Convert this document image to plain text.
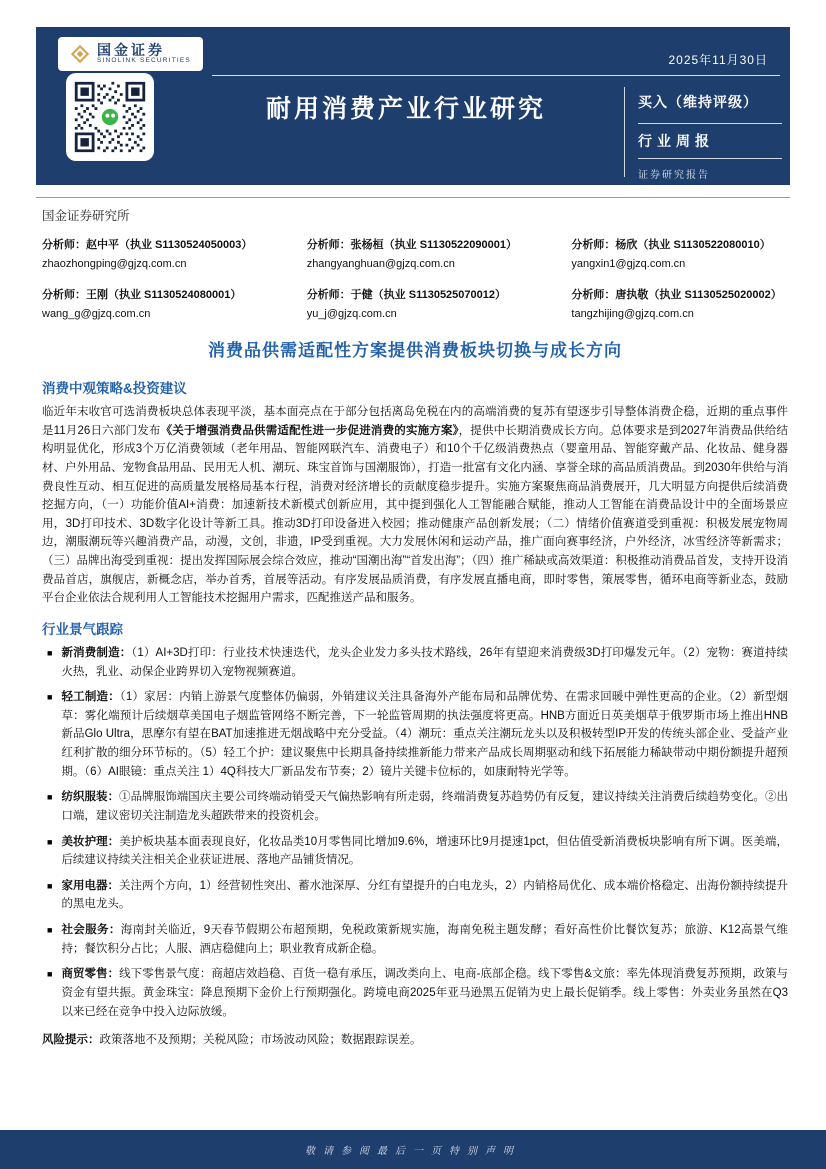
国金证券
SINOLINK SECURITIES	2025年11月30日
耐用消费产业行业研究	买入（维持评级）
行业周报
证券研究报告
国金证券研究所
分析师：赵中平（执业 S1130524050003）
zhaozhongping@gjzq.com.cn
分析师：张杨桓（执业 S1130522090001）
zhangyanghuan@gjzq.com.cn
分析师：杨欣（执业 S1130522080010）
yangxin1@gjzq.com.cn
分析师：王刚（执业 S1130524080001）
wang_g@gjzq.com.cn
分析师：于健（执业 S1130525070012）
yu_j@gjzq.com.cn
分析师：唐执敬（执业 S1130525020002）
tangzhijing@gjzq.com.cn
消费品供需适配性方案提供消费板块切换与成长方向
消费中观策略&投资建议

临近年末收官可选消费板块总体表现平淡，基本面亮点在于部分包括离岛免税在内的高端消费的复苏有望逐步引导整体消费企稳，近期的重点事件是11月26日六部门发布《关于增强消费品供需适配性进一步促进消费的实施方案》，提供中长期消费成长方向。总体要求是到2027年消费品供给结构明显优化，形成3个万亿消费领域（老年用品、智能网联汽车、消费电子）和10个千亿级消费热点（婴童用品、智能穿戴产品、化妆品、健身器材、户外用品、宠物食品用品、民用无人机、潮玩、珠宝首饰与国潮服饰），打造一批富有文化内涵、享誉全球的高品质消费品。到2030年供给与消费良性互动、相互促进的高质量发展格局基本行程，消费对经济增长的贡献度稳步提升。实施方案聚焦商品消费展开，几大明显方向提供后续消费挖掘方向，（一）功能价值AI+消费：加速新技术新模式创新应用，其中提到强化人工智能融合赋能，推动人工智能在消费品设计中的全面场景应用，3D打印技术、3D数字化设计等新工具。推动3D打印设备进入校园；推动健康产品创新发展；（二）情绪价值赛道受到重视：积极发展宠物周边，潮服潮玩等兴趣消费产品，动漫，文创，非遗，IP受到重视。大力发展休闲和运动产品，推广面向赛事经济，户外经济，冰雪经济等新需求；（三）品牌出海受到重视：提出发挥国际展会综合效应，推动“国潮出海”“首发出海”；（四）推广稀缺或高效渠道：积极推动消费品首发，支持开设消费品首店，旗舰店，新概念店，举办首秀，首展等活动。有序发展品质消费，有序发展直播电商，即时零售，策展零售，循环电商等新业态，鼓励平台企业依法合规利用人工智能技术挖掘用户需求，匹配推送产品和服务。

行业景气跟踪
■ 新消费制造：（1）AI+3D打印：行业技术快速迭代，龙头企业发力多头技术路线，26年有望迎来消费级3D打印爆发元年。（2）宠物：赛道持续火热，乳业、动保企业跨界切入宠物视频赛道。
■ 轻工制造：（1）家居：内销上游景气度整体仍偏弱，外销建议关注具备海外产能布局和品牌优势、在需求回暖中弹性更高的企业。（2）新型烟草：雾化端预计后续烟草美国电子烟监管网络不断完善，下一轮监管周期的执法强度将更高。HNB方面近日英美烟草于俄罗斯市场上推出HNB新品Glo Ultra，思摩尔有望在BAT加速推进无烟战略中充分受益。（4）潮玩：重点关注潮玩龙头以及积极转型IP开发的传统头部企业、受益产业红利扩散的细分环节标的。（5）轻工个护：建议聚焦中长期具备持续推新能力带来产品成长周期驱动和线下拓展能力稀缺带动中期份额提升超预期。（6）AI眼镜：重点关注 1）4Q科技大厂新品发布节奏；2）镜片关键卡位标的，如康耐特光学等。
■ 纺织服装：①品牌服饰端国庆主要公司终端动销受天气偏热影响有所走弱，终端消费复苏趋势仍有反复，建议持续关注消费后续趋势变化。②出口端，建议密切关注制造龙头超跌带来的投资机会。
■ 美妆护理：美护板块基本面表现良好，化妆品类10月零售同比增加9.6%，增速环比9月提速1pct，但估值受新消费板块影响有所下调。医美端，后续建议持续关注相关企业获证进展、落地产品铺货情况。
■ 家用电器：关注两个方向，1）经营韧性突出、蓄水池深厚、分红有望提升的白电龙头，2）内销格局优化、成本端价格稳定、出海份额持续提升的黑电龙头。
■ 社会服务：海南封关临近，9天春节假期公布超预期，免税政策新规实施，海南免税主题发酵；看好高性价比餐饮复苏；旅游、K12高景气维持；餐饮积分占比；人服、酒店稳健向上；职业教育成新企稳。
■ 商贸零售：线下零售景气度：商超店效趋稳、百货一稳有承压，调改类向上、电商-底部企稳。线下零售&文旅：率先体现消费复苏预期，政策与资金有望共振。黄金珠宝：降息预期下金价上行预期强化。跨境电商2025年亚马逊黑五促销为史上最长促销季。线上零售：外卖业务虽然在Q3以来已经在竞争中投入边际放缓。

风险提示：政策落地不及预期；关税风险；市场波动风险；数据跟踪误差。

敬请参阅最后一页特别声明
